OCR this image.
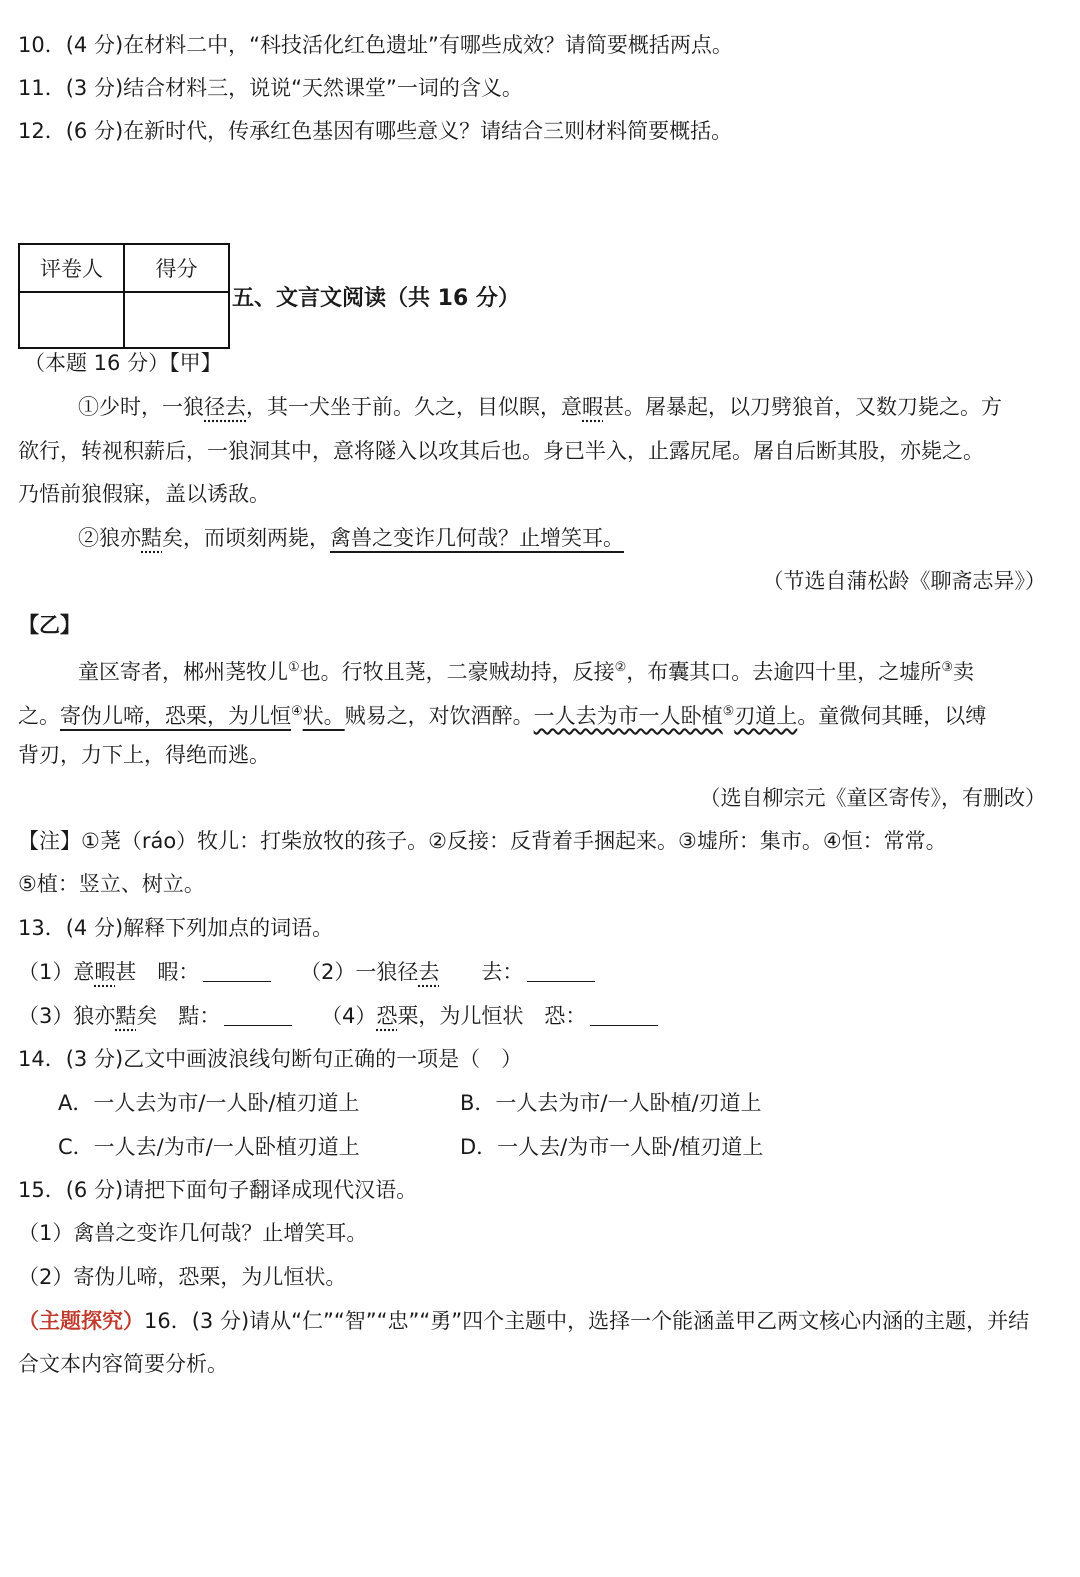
10．(4 分)在材料二中，“科技活化红色遗址”有哪些成效？请简要概括两点。
11．(3 分)结合材料三，说说“天然课堂”一词的含义。
12．(6 分)在新时代，传承红色基因有哪些意义？请结合三则材料简要概括。
评卷人	得分

五、文言文阅读（共 16 分）
（本题 16 分）【甲】
①少时，一狼径去，其一犬坐于前。久之，目似瞑，意暇甚。屠暴起，以刀劈狼首，又数刀毙之。方
欲行，转视积薪后，一狼洞其中，意将隧入以攻其后也。身已半入，止露尻尾。屠自后断其股，亦毙之。
乃悟前狼假寐，盖以诱敌。
②狼亦黠矣，而顷刻两毙，禽兽之变诈几何哉？止增笑耳。
（节选自蒲松龄《聊斋志异》）
【乙】
童区寄者，郴州荛牧儿①也。行牧且荛，二豪贼劫持，反接②，布囊其口。去逾四十里，之墟所③卖
之。寄伪儿啼，恐栗，为儿恒④状。贼易之，对饮酒醉。一人去为市一人卧植⑤刃道上。童微伺其睡，以缚
背刃，力下上，得绝而逃。
（选自柳宗元《童区寄传》，有删改）
【注】①荛（ráo）牧儿：打柴放牧的孩子。②反接：反背着手捆起来。③墟所：集市。④恒：常常。
⑤植：竖立、树立。
13．(4 分)解释下列加点的词语。
（1）意暇甚　暇：	（2）一狼径去　　去：
（3）狼亦黠矣　黠：	（4）恐栗，为儿恒状　恐：
14．(3 分)乙文中画波浪线句断句正确的一项是（　）
A．一人去为市/一人卧/植刃道上	B．一人去为市/一人卧植/刃道上
C．一人去/为市/一人卧植刃道上	D．一人去/为市一人卧/植刃道上
15．(6 分)请把下面句子翻译成现代汉语。
（1）禽兽之变诈几何哉？止增笑耳。
（2）寄伪儿啼，恐栗，为儿恒状。
（主题探究）16．(3 分)请从“仁”“智”“忠”“勇”四个主题中，选择一个能涵盖甲乙两文核心内涵的主题，并结
合文本内容简要分析。
